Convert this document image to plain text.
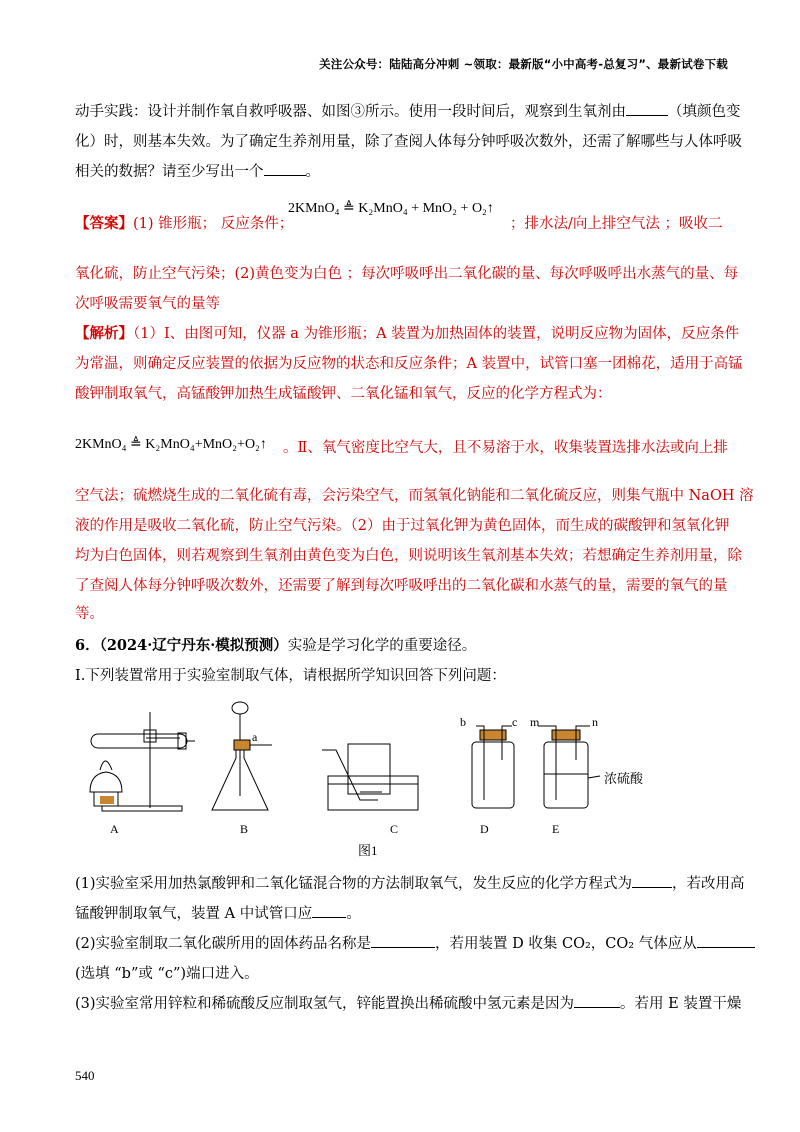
关注公众号：陆陆高分冲刺 ~领取：最新版“小中高考-总复习”、最新试卷下载
动手实践：设计并制作氧自救呼吸器、如图③所示。使用一段时间后，观察到生氧剂由	（填颜色变
化）时，则基本失效。为了确定生养剂用量，除了查阅人体每分钟呼吸次数外，还需了解哪些与人体呼吸
相关的数据？请至少写出一个	。
【答案】(1) 锥形瓶； 反应条件；
2KMnO₄ ≜ K₂MnO₄ + MnO₂ + O₂↑
；排水法/向上排空气法 ；吸收二
氧化硫，防止空气污染；(2)黄色变为白色 ；每次呼吸呼出二氧化碳的量、每次呼吸呼出水蒸气的量、每
次呼吸需要氧气的量等
【解析】（1）Ⅰ、由图可知，仪器 a 为锥形瓶；A 装置为加热固体的装置，说明反应物为固体，反应条件
为常温，则确定反应装置的依据为反应物的状态和反应条件；A 装置中，试管口塞一团棉花，适用于高锰
酸钾制取氧气，高锰酸钾加热生成锰酸钾、二氧化锰和氧气，反应的化学方程式为：
2KMnO₄ ≜ K₂MnO₄+MnO₂+O₂↑ 。Ⅱ、氧气密度比空气大，且不易溶于水，收集装置选排水法或向上排
空气法；硫燃烧生成的二氧化硫有毒，会污染空气，而氢氧化钠能和二氧化硫反应，则集气瓶中 NaOH 溶
液的作用是吸收二氧化硫，防止空气污染。（2）由于过氧化钾为黄色固体，而生成的碳酸钾和氢氧化钾
均为白色固体，则若观察到生氧剂由黄色变为白色，则说明该生氧剂基本失效；若想确定生养剂用量，除
了查阅人体每分钟呼吸次数外，还需要了解到每次呼吸呼出的二氧化碳和水蒸气的量，需要的氧气的量
等。
6．（2024·辽宁丹东·模拟预测）实验是学习化学的重要途径。
I.下列装置常用于实验室制取气体，请根据所学知识回答下列问题：
a
b	c m	n
浓硫酸
A	B	C	D	E
图1
(1)实验室采用加热氯酸钾和二氧化锰混合物的方法制取氧气，发生反应的化学方程式为	，若改用高
锰酸钾制取氧气，装置 A 中试管口应 。
(2)实验室制取二氧化碳所用的固体药品名称是	，若用装置 D 收集 CO₂，CO₂ 气体应从
(选填 “b”或 “c”)端口进入。
(3)实验室常用锌粒和稀硫酸反应制取氢气，锌能置换出稀硫酸中氢元素是因为	。若用 E 装置干燥
540
